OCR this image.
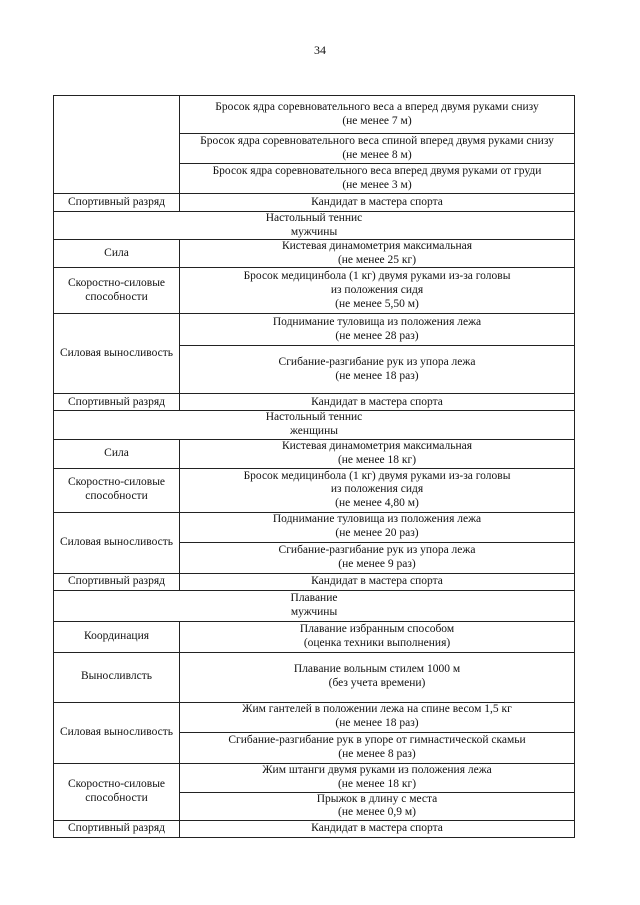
34

	Бросок ядра соревновательного веса а вперед двумя руками снизу
(не менее 7 м)

	Бросок ядра соревновательного веса спиной вперед двумя руками снизу
(не менее 8 м)

	Бросок ядра соревновательного веса вперед двумя руками от груди
(не менее 3 м)

Спортивный разряд	Кандидат в мастера спорта

Настольный теннис
мужчины	

Сила	Кистевая динамометрия максимальная
(не менее 25 кг)

Скоростно-силовые способности	Бросок медицинбола (1 кг) двумя руками из-за головы
из положения сидя
(не менее 5,50 м)

Силовая выносливость	Поднимание туловища из положения лежа
(не менее 28 раз)

	Сгибание-разгибание рук из упора лежа
(не менее 18 раз)

Спортивный разряд	Кандидат в мастера спорта

Настольный теннис
женщины	

Сила	Кистевая динамометрия максимальная
(не менее 18 кг)

Скоростно-силовые способности	Бросок медицинбола (1 кг) двумя руками из-за головы
из положения сидя
(не менее 4,80 м)

Силовая выносливость	Поднимание туловища из положения лежа
(не менее 20 раз)

	Сгибание-разгибание рук из упора лежа
(не менее 9 раз)

Спортивный разряд	Кандидат в мастера спорта

Плавание
мужчины	

Координация	Плавание избранным способом
(оценка техники выполнения)

Выносливлсть	Плавание вольным стилем 1000 м
(без учета времени)

Силовая выносливость	Жим гантелей в положении лежа на спине весом 1,5 кг
(не менее 18 раз)

	Сгибание-разгибание рук в упоре от гимнастической скамьи
(не менее 8 раз)

Скоростно-силовые способности	Жим штанги двумя руками из положения лежа
(не менее 18 кг)

	Прыжок в длину с места
(не менее 0,9 м)

Спортивный разряд	Кандидат в мастера спорта
